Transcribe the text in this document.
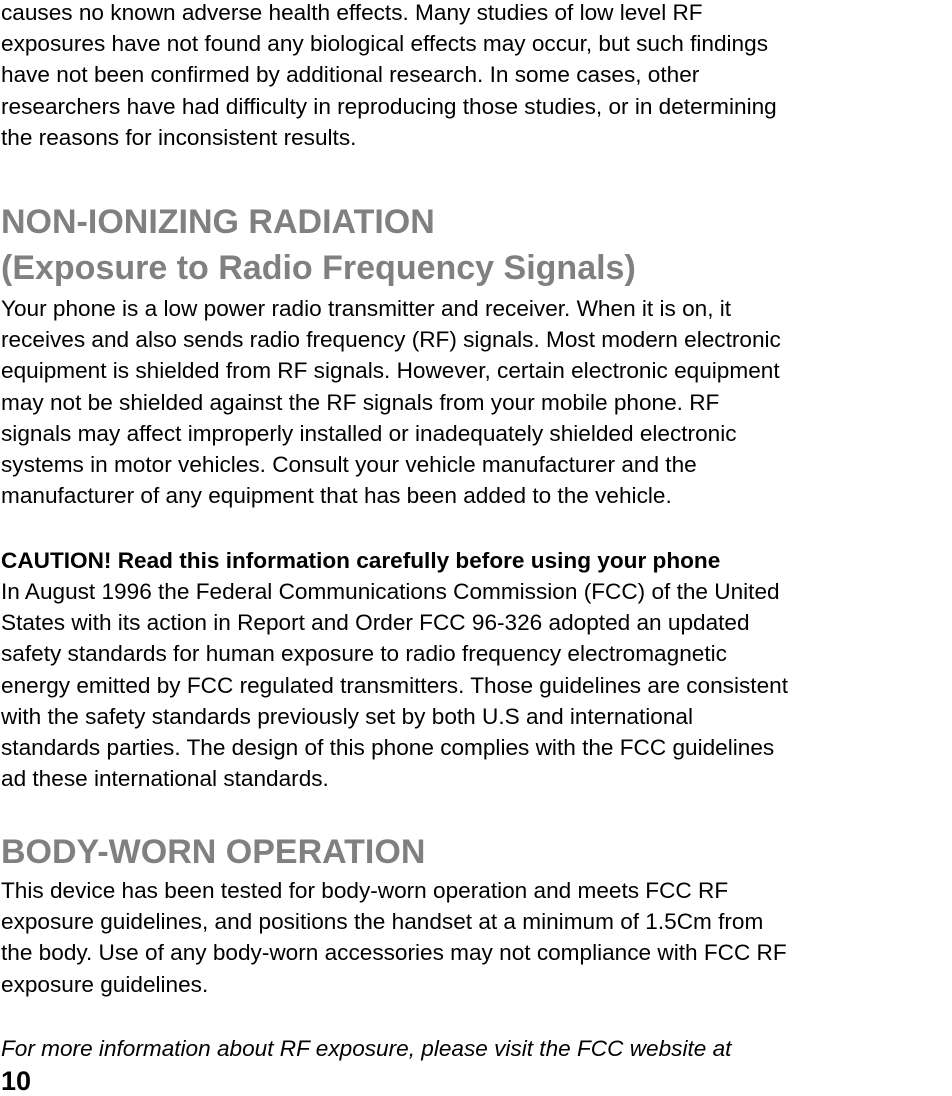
causes no known adverse health effects. Many studies of low level RF
exposures have not found any biological effects may occur, but such findings
have not been confirmed by additional research. In some cases, other
researchers have had difficulty in reproducing those studies, or in determining
the reasons for inconsistent results.
NON-IONIZING RADIATION
(Exposure to Radio Frequency Signals)
Your phone is a low power radio transmitter and receiver. When it is on, it
receives and also sends radio frequency (RF) signals. Most modern electronic
equipment is shielded from RF signals. However, certain electronic equipment
may not be shielded against the RF signals from your mobile phone. RF
signals may affect improperly installed or inadequately shielded electronic
systems in motor vehicles. Consult your vehicle manufacturer and the
manufacturer of any equipment that has been added to the vehicle.
CAUTION! Read this information carefully before using your phone
In August 1996 the Federal Communications Commission (FCC) of the United
States with its action in Report and Order FCC 96-326 adopted an updated
safety standards for human exposure to radio frequency electromagnetic
energy emitted by FCC regulated transmitters. Those guidelines are consistent
with the safety standards previously set by both U.S and international
standards parties. The design of this phone complies with the FCC guidelines
ad these international standards.
BODY-WORN OPERATION
This device has been tested for body-worn operation and meets FCC RF
exposure guidelines, and positions the handset at a minimum of 1.5Cm from
the body. Use of any body-worn accessories may not compliance with FCC RF
exposure guidelines.
For more information about RF exposure, please visit the FCC website at
10
